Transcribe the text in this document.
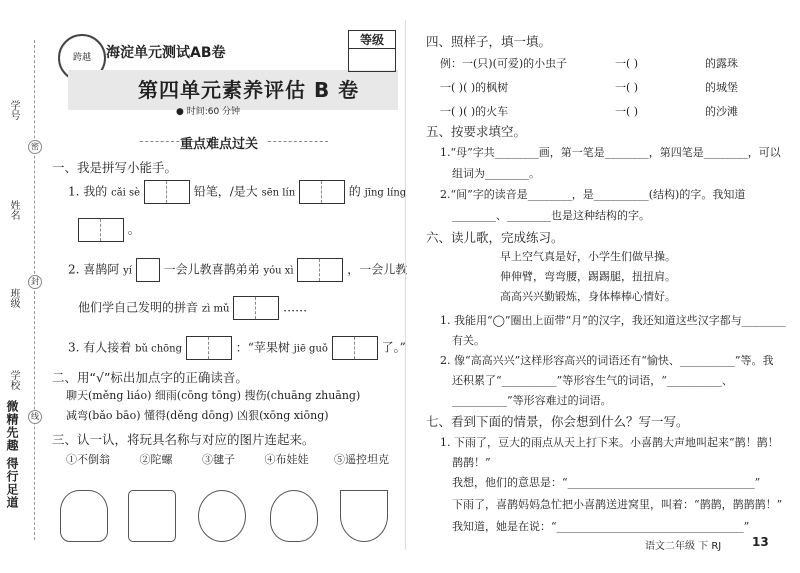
学号
姓名
班级
学校
密
封
线
微精先趣 得行足道
跨越	海淀单元测试AB卷
第四单元素养评估 B 卷
● 时间:60 分钟
等级
重点难点过关
一、我是拼写小能手。
1. 我的 cǎi sè	铅笔，/是大 sēn lín	的 jīng líng
。
2. 喜鹊阿 yí	一会儿教喜鹊弟弟 yóu xì	，一会儿教
他们学自己发明的拼音 zì mǔ	……
3. 有人接着 bǔ chōng	：“苹果树 jiē guǒ	了。”
二、用“√”标出加点字的正确读音。
聊天(měng liáo) 细雨(cōng tōng) 搜伤(chuāng zhuāng)
减弯(bǎo bāo) 懂得(děng dōng) 凶狠(xōng xiōng)
三、认一认，将玩具名称与对应的图片连起来。
①不倒翁	②陀螺	③毽子	④布娃娃 ⑤遥控坦克
四、照样子，填一填。
例：一(只)(可爱)的小虫子	一( )	的露珠
一( )( )的枫树	一( )	的城堡
一( )( )的火车	一( )	的沙滩
五、按要求填空。
1.“母”字共________画，第一笔是________，第四笔是________，可以
组词为________。
2.“间”字的读音是________，是__________(结构)的字。我知道
________、________也是这种结构的字。
六、读儿歌，完成练习。
早上空气真是好，小学生们做早操。
伸伸臂，弯弯腰，踢踢腿，扭扭肩。
高高兴兴勤锻炼，身体棒棒心情好。
1. 我能用“◯”圈出上面带“月”的汉字，我还知道这些汉字都与________
有关。
2. 像“高高兴兴”这样形容高兴的词语还有“愉快、__________”等。我
还积累了“__________”等形容生气的词语，“__________、
__________”等形容难过的词语。
七、看到下面的情景，你会想到什么？写一写。
1. 下雨了，豆大的雨点从天上打下来。小喜鹊大声地叫起来“鹊！鹊！
鹊鹊！”
我想，他们的意思是：“__________________________________”
下雨了，喜鹊妈妈急忙把小喜鹊送进窝里，叫着：“鹊鹊，鹊鹊鹊！”
我知道，她是在说：“__________________________________”
语文二年级 下 RJ	13
